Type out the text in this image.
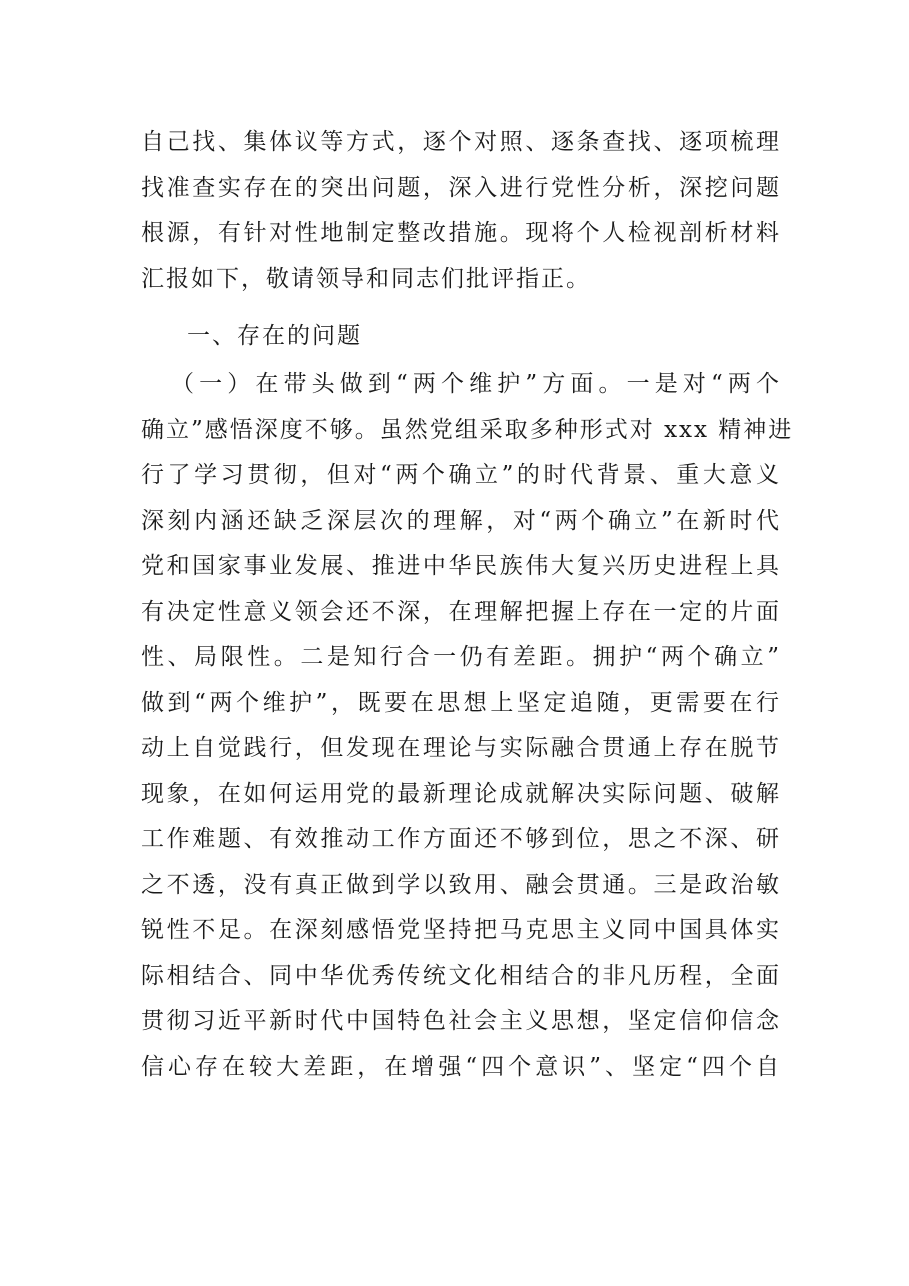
自己找、集体议等方式，逐个对照、逐条查找、逐项梳理
找准查实存在的突出问题，深入进行党性分析，深挖问题
根源，有针对性地制定整改措施。现将个人检视剖析材料
汇报如下，敬请领导和同志们批评指正。
一、存在的问题
（一）在带头做到“两个维护”方面。一是对“两个
确立”感悟深度不够。虽然党组采取多种形式对 xxx 精神进
行了学习贯彻，但对“两个确立”的时代背景、重大意义
深刻内涵还缺乏深层次的理解，对“两个确立”在新时代
党和国家事业发展、推进中华民族伟大复兴历史进程上具
有决定性意义领会还不深，在理解把握上存在一定的片面
性、局限性。二是知行合一仍有差距。拥护“两个确立”
做到“两个维护”，既要在思想上坚定追随，更需要在行
动上自觉践行，但发现在理论与实际融合贯通上存在脱节
现象，在如何运用党的最新理论成就解决实际问题、破解
工作难题、有效推动工作方面还不够到位，思之不深、研
之不透，没有真正做到学以致用、融会贯通。三是政治敏
锐性不足。在深刻感悟党坚持把马克思主义同中国具体实
际相结合、同中华优秀传统文化相结合的非凡历程，全面
贯彻习近平新时代中国特色社会主义思想，坚定信仰信念
信心存在较大差距，在增强“四个意识”、坚定“四个自
